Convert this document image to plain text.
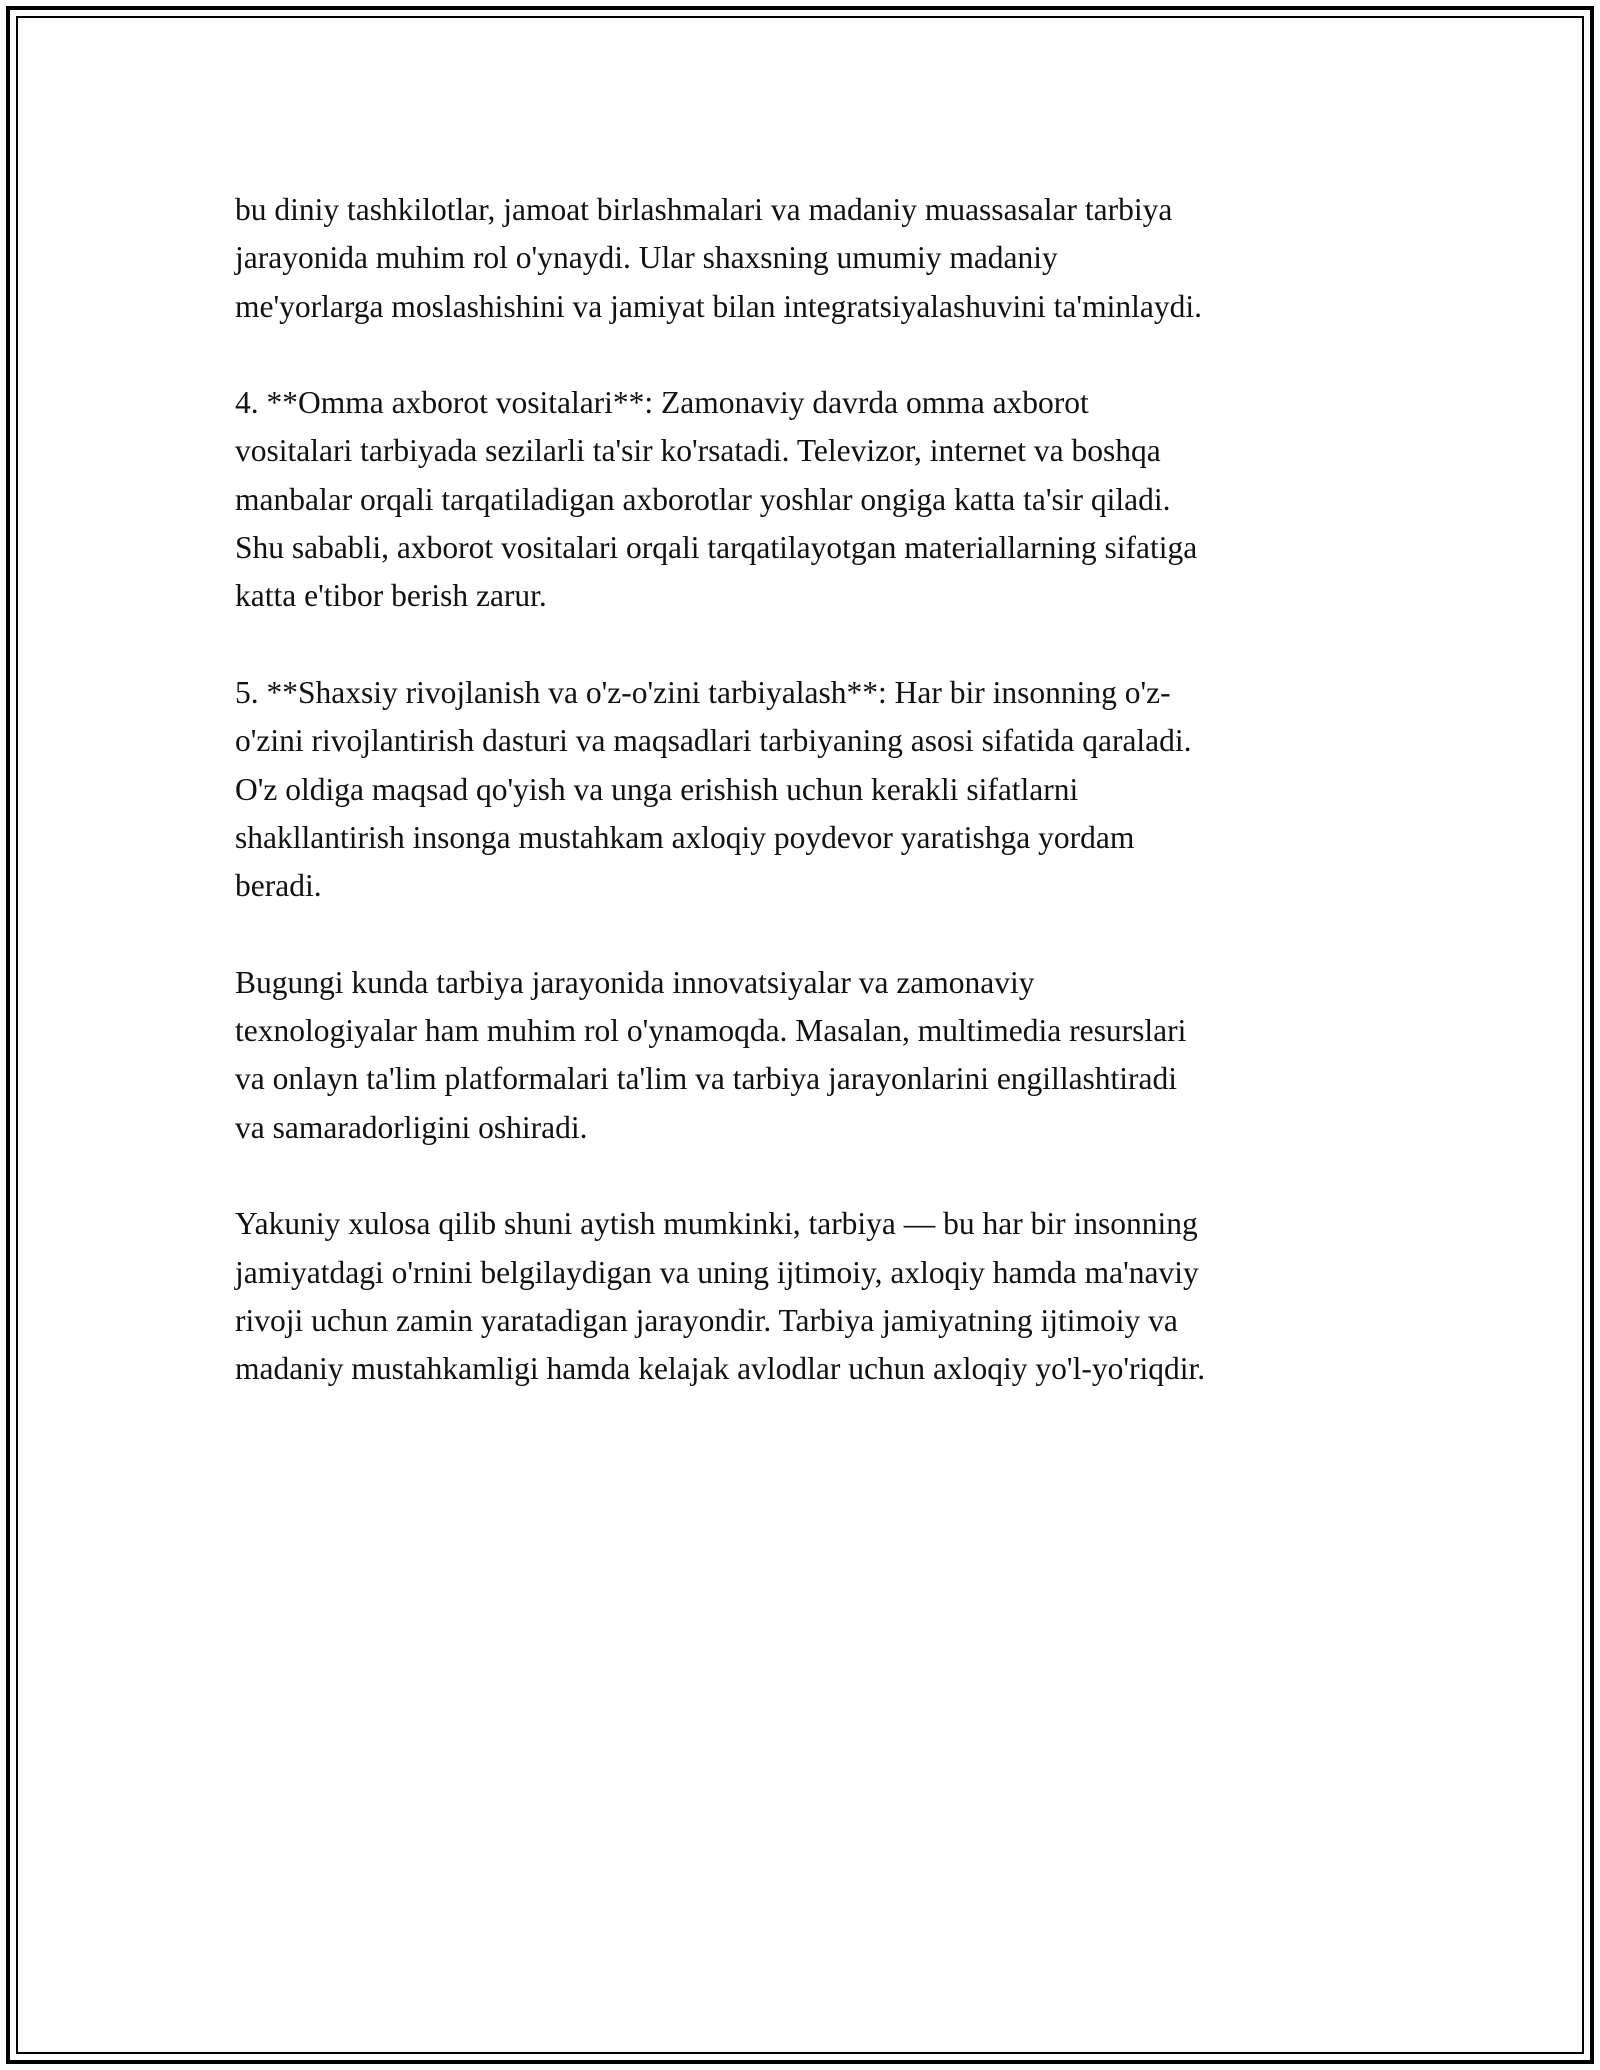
bu diniy tashkilotlar, jamoat birlashmalari va madaniy muassasalar tarbiya
jarayonida muhim rol o'ynaydi. Ular shaxsning umumiy madaniy
me'yorlarga moslashishini va jamiyat bilan integratsiyalashuvini ta'minlaydi.

4. **Omma axborot vositalari**: Zamonaviy davrda omma axborot
vositalari tarbiyada sezilarli ta'sir ko'rsatadi. Televizor, internet va boshqa
manbalar orqali tarqatiladigan axborotlar yoshlar ongiga katta ta'sir qiladi.
Shu sababli, axborot vositalari orqali tarqatilayotgan materiallarning sifatiga
katta e'tibor berish zarur.

5. **Shaxsiy rivojlanish va o'z-o'zini tarbiyalash**: Har bir insonning o'z-
o'zini rivojlantirish dasturi va maqsadlari tarbiyaning asosi sifatida qaraladi.
O'z oldiga maqsad qo'yish va unga erishish uchun kerakli sifatlarni
shakllantirish insonga mustahkam axloqiy poydevor yaratishga yordam
beradi.

Bugungi kunda tarbiya jarayonida innovatsiyalar va zamonaviy
texnologiyalar ham muhim rol o'ynamoqda. Masalan, multimedia resurslari
va onlayn ta'lim platformalari ta'lim va tarbiya jarayonlarini engillashtiradi
va samaradorligini oshiradi.

Yakuniy xulosa qilib shuni aytish mumkinki, tarbiya — bu har bir insonning
jamiyatdagi o'rnini belgilaydigan va uning ijtimoiy, axloqiy hamda ma'naviy
rivoji uchun zamin yaratadigan jarayondir. Tarbiya jamiyatning ijtimoiy va
madaniy mustahkamligi hamda kelajak avlodlar uchun axloqiy yo'l-yo'riqdir.
